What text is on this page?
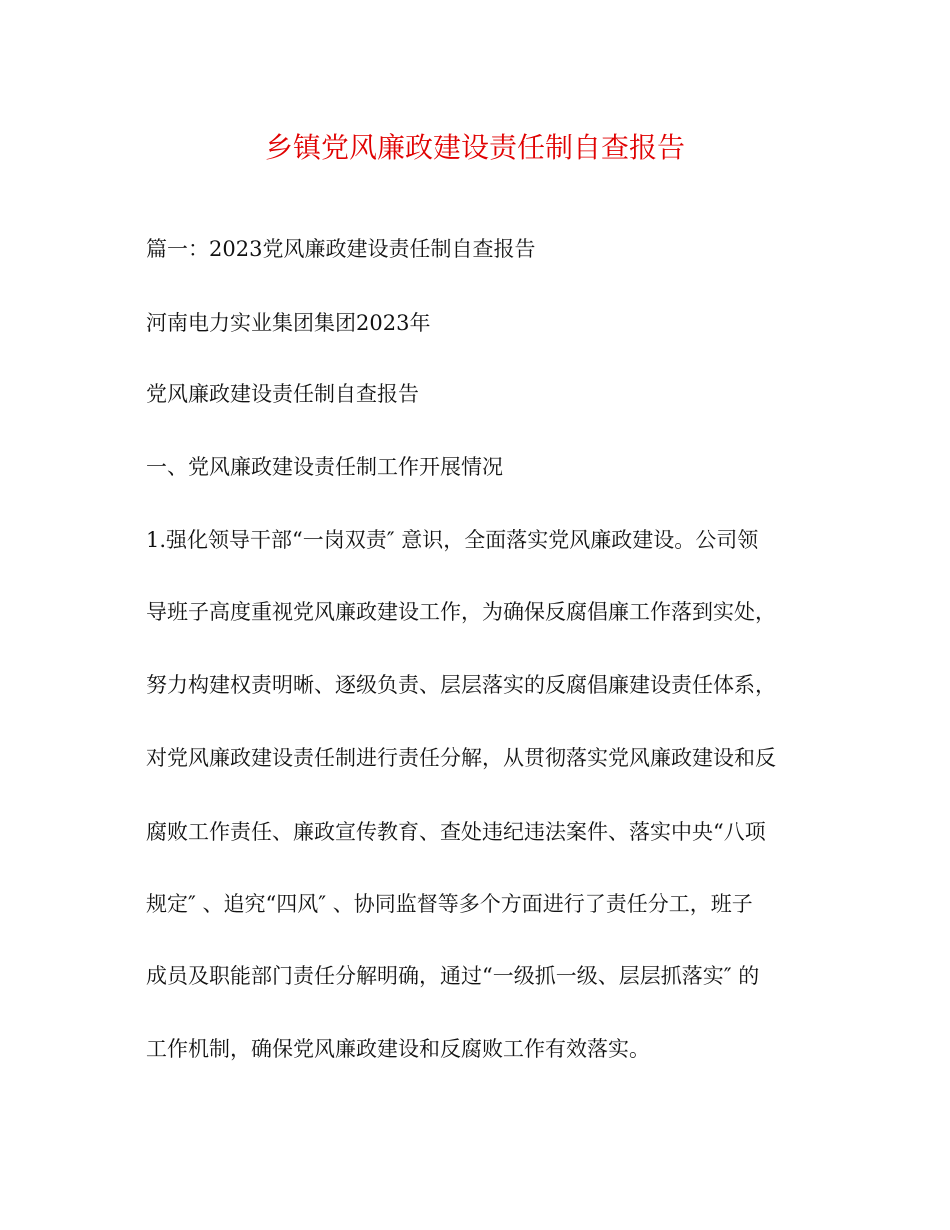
乡镇党风廉政建设责任制自查报告
篇一：2023党风廉政建设责任制自查报告
河南电力实业集团集团2023年
党风廉政建设责任制自查报告
一、党风廉政建设责任制工作开展情况
1.强化领导干部“一岗双责″ 意识，全面落实党风廉政建设。公司领
导班子高度重视党风廉政建设工作，为确保反腐倡廉工作落到实处，
努力构建权责明晰、逐级负责、层层落实的反腐倡廉建设责任体系，
对党风廉政建设责任制进行责任分解，从贯彻落实党风廉政建设和反
腐败工作责任、廉政宣传教育、查处违纪违法案件、落实中央“八项
规定″ 、追究“四风″ 、协同监督等多个方面进行了责任分工，班子
成员及职能部门责任分解明确，通过“一级抓一级、层层抓落实″ 的
工作机制，确保党风廉政建设和反腐败工作有效落实。
